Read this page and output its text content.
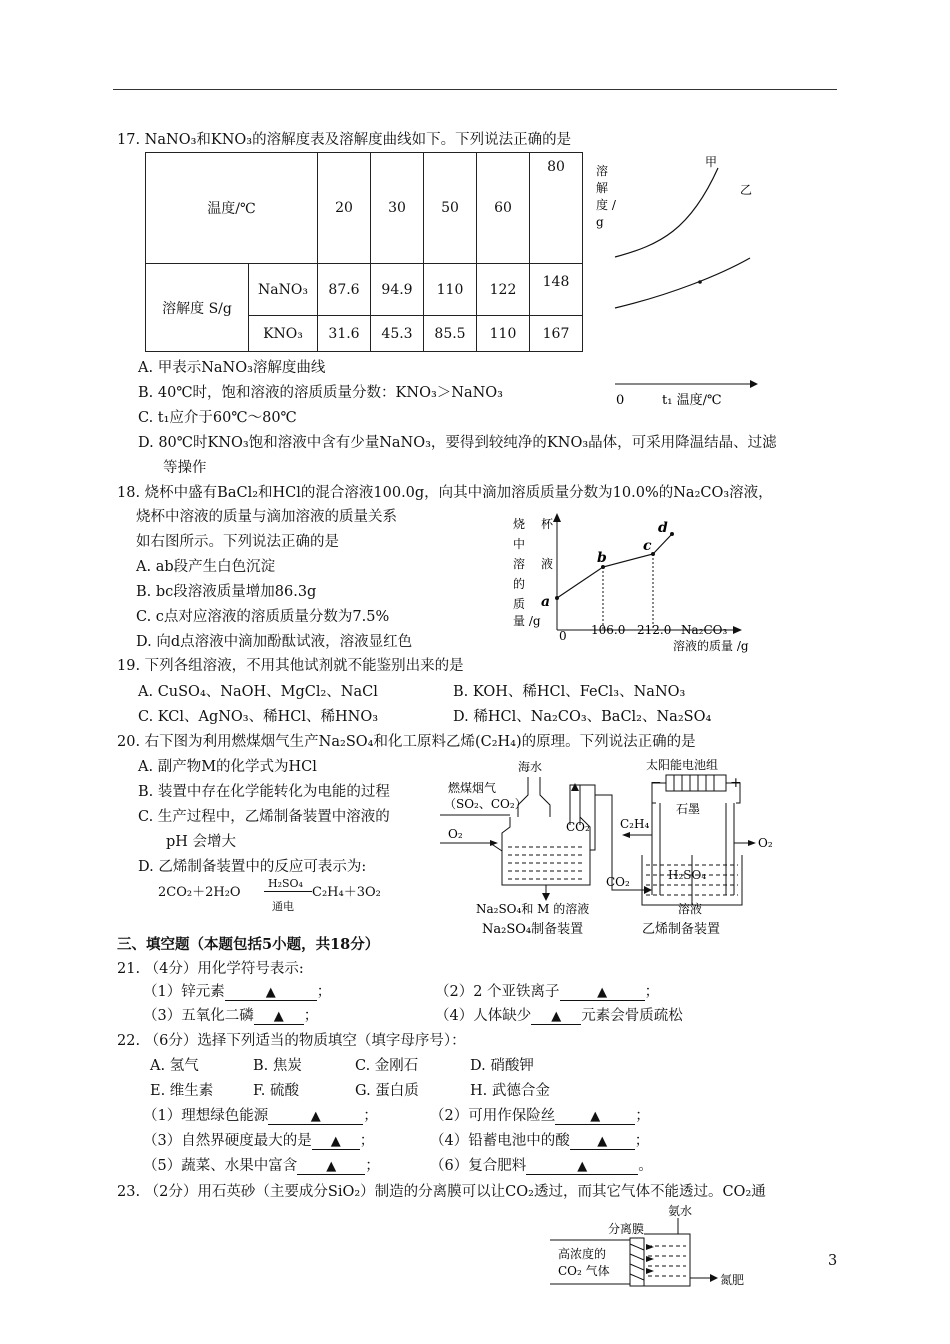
17. NaNO₃和KNO₃的溶解度表及溶解度曲线如下。下列说法正确的是
温度/℃		20	30	50	60	80
溶解度 S/g	NaNO₃	87.6	94.9	110	122	148
	KNO₃	31.6	45.3	85.5	110	167
溶
解
度 /
g
甲
乙
0	t₁ 温度/℃
A. 甲表示NaNO₃溶解度曲线
B. 40℃时，饱和溶液的溶质质量分数：KNO₃＞NaNO₃
C. t₁应介于60℃～80℃
D. 80℃时KNO₃饱和溶液中含有少量NaNO₃，要得到较纯净的KNO₃晶体，可采用降温结晶、过滤
等操作
18. 烧杯中盛有BaCl₂和HCl的混合溶液100.0g，向其中滴加溶质质量分数为10.0%的Na₂CO₃溶液，
烧杯中溶液的质量与滴加溶液的质量关系
如右图所示。下列说法正确的是
A. ab段产生白色沉淀
B. bc段溶液质量增加86.3g
C. c点对应溶液的溶质质量分数为7.5%
D. 向d点溶液中滴加酚酞试液，溶液显红色
烧
中
溶
的
质
量 /g
杯
液
a
b
c
d
0 106.0 212.0 Na₂CO₃
溶液的质量 /g
19. 下列各组溶液，不用其他试剂就不能鉴别出来的是
A. CuSO₄、NaOH、MgCl₂、NaCl	B. KOH、稀HCl、FeCl₃、NaNO₃
C. KCl、AgNO₃、稀HCl、稀HNO₃	D. 稀HCl、Na₂CO₃、BaCl₂、Na₂SO₄
20. 右下图为利用燃煤烟气生产Na₂SO₄和化工原料乙烯(C₂H₄)的原理。下列说法正确的是
A. 副产物M的化学式为HCl
B. 装置中存在化学能转化为电能的过程
C. 生产过程中，乙烯制备装置中溶液的
pH 会增大
D. 乙烯制备装置中的反应可表示为:
2CO₂＋2H₂O
H₂SO₄
通电
C₂H₄＋3O₂
海水
燃煤烟气
（SO₂、CO₂）
O₂	CO₂
Na₂SO₄和 M 的溶液
Na₂SO₄制备装置
CO₂
太阳能电池组
−	+
石墨
C₂H₄
O₂
H₂SO₄
溶液
乙烯制备装置
三、填空题（本题包括5小题，共18分）
21. （4分）用化学符号表示:
（1）锌元素	▲	；	（2）2 个亚铁离子	▲	；
（3）五氧化二磷 ▲ ；	（4）人体缺少 ▲ 元素会骨质疏松
22. （6分）选择下列适当的物质填空（填字母序号）：
A. 氢气	B. 焦炭	C. 金刚石	D. 硝酸钾
E. 维生素	F. 硫酸	G. 蛋白质	H. 武德合金
（1）理想绿色能源	▲	；	（2）可用作保险丝	▲ ；
（3）自然界硬度最大的是 ▲ ；	（4）铅蓄电池中的酸 ▲ ；
（5）蔬菜、水果中富含 ▲ ；	（6）复合肥料	▲	。
23. （2分）用石英砂（主要成分SiO₂）制造的分离膜可以让CO₂透过，而其它气体不能透过。CO₂通
氨水
分离膜
高浓度的
CO₂ 气体
氮肥
3
